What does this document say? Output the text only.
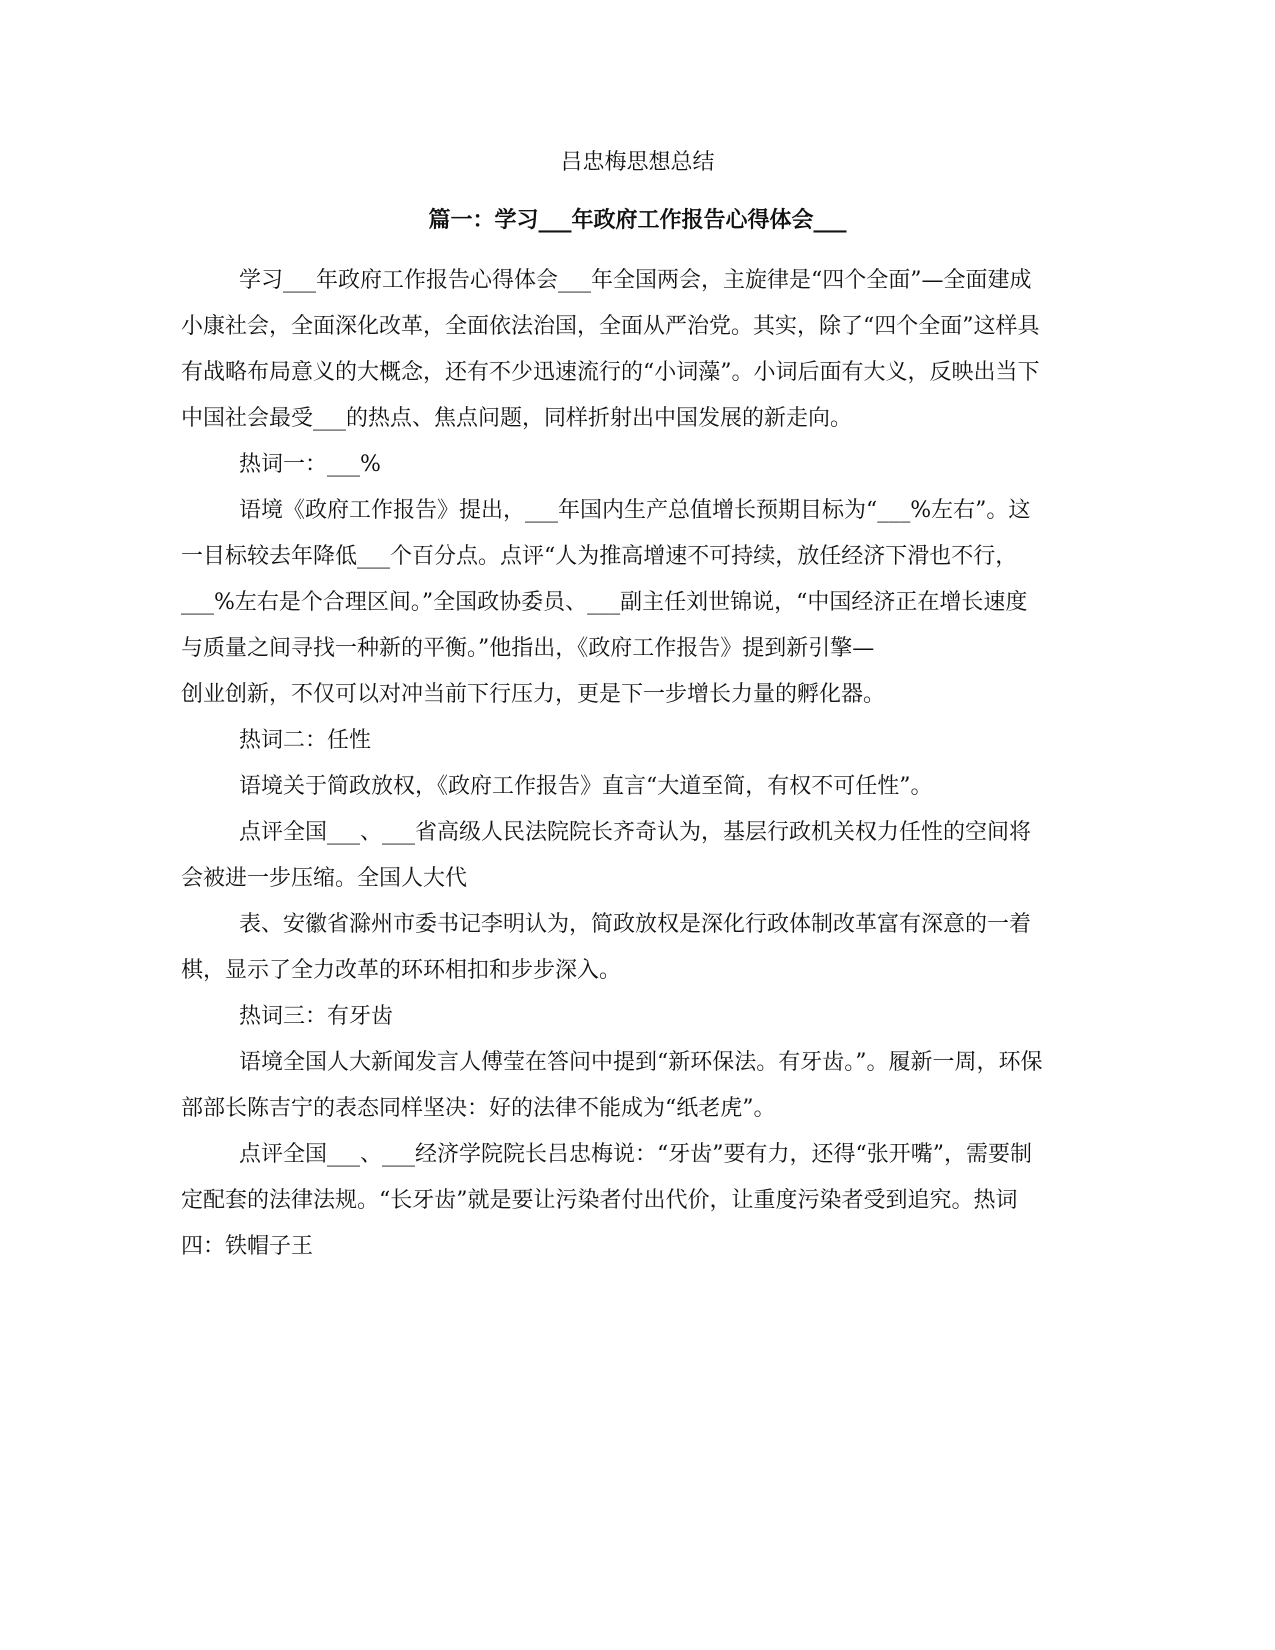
吕忠梅思想总结
篇一：学习___年政府工作报告心得体会___

学习___年政府工作报告心得体会___年全国两会，主旋律是“四个全面”—全面建成小康社会，全面深化改革，全面依法治国，全面从严治党。其实，除了“四个全面”这样具有战略布局意义的大概念，还有不少迅速流行的“小词藻”。小词后面有大义，反映出当下中国社会最受___的热点、焦点问题，同样折射出中国发展的新走向。

热词一：___%

语境《政府工作报告》提出，___年国内生产总值增长预期目标为“___%左右”。这一目标较去年降低___个百分点。点评“人为推高增速不可持续，放任经济下滑也不行，___%左右是个合理区间。”全国政协委员、___副主任刘世锦说，“中国经济正在增长速度与质量之间寻找一种新的平衡。”他指出，《政府工作报告》提到新引擎—

创业创新，不仅可以对冲当前下行压力，更是下一步增长力量的孵化器。

热词二：任性

语境关于简政放权，《政府工作报告》直言“大道至简，有权不可任性”。

点评全国___、___省高级人民法院院长齐奇认为，基层行政机关权力任性的空间将会被进一步压缩。全国人大代

表、安徽省滁州市委书记李明认为，简政放权是深化行政体制改革富有深意的一着棋，显示了全力改革的环环相扣和步步深入。

热词三：有牙齿

语境全国人大新闻发言人傅莹在答问中提到“新环保法。有牙齿。”。履新一周，环保部部长陈吉宁的表态同样坚决：好的法律不能成为“纸老虎”。

点评全国___、___经济学院院长吕忠梅说：“牙齿”要有力，还得“张开嘴”，需要制定配套的法律法规。“长牙齿”就是要让污染者付出代价，让重度污染者受到追究。热词四：铁帽子王
